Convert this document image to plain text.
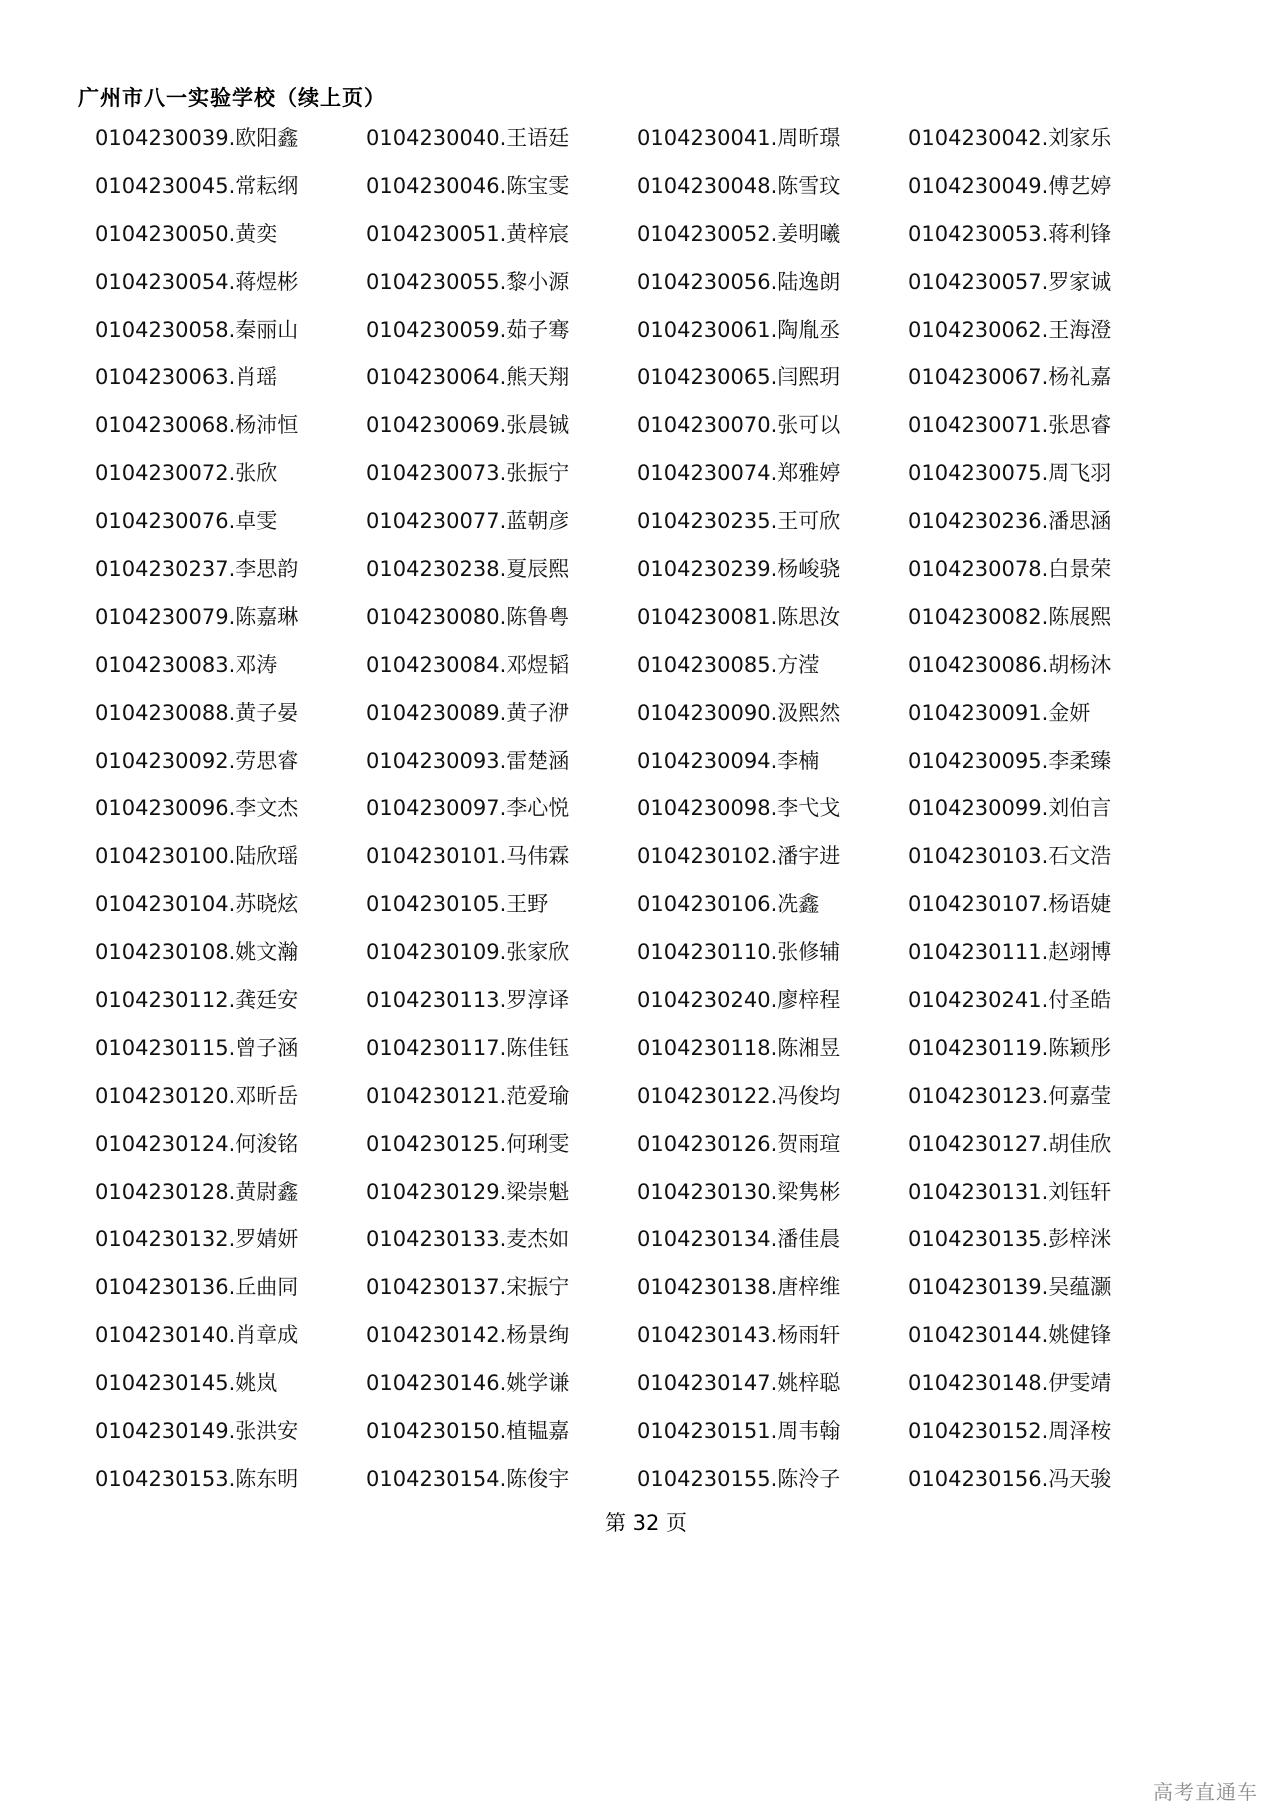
广州市八一实验学校（续上页）
0104230039.欧阳鑫	0104230040.王语廷	0104230041.周昕璟	0104230042.刘家乐
0104230045.常耘纲	0104230046.陈宝雯	0104230048.陈雪玟	0104230049.傅艺婷
0104230050.黄奕	0104230051.黄梓宸	0104230052.姜明曦	0104230053.蒋利锋
0104230054.蒋煜彬	0104230055.黎小源	0104230056.陆逸朗	0104230057.罗家诚
0104230058.秦丽山	0104230059.茹子骞	0104230061.陶胤丞	0104230062.王海澄
0104230063.肖瑶	0104230064.熊天翔	0104230065.闫熙玥	0104230067.杨礼嘉
0104230068.杨沛恒	0104230069.张晨铖	0104230070.张可以	0104230071.张思睿
0104230072.张欣	0104230073.张振宁	0104230074.郑雅婷	0104230075.周飞羽
0104230076.卓雯	0104230077.蓝朝彦	0104230235.王可欣	0104230236.潘思涵
0104230237.李思韵	0104230238.夏辰熙	0104230239.杨峻骁	0104230078.白景荣
0104230079.陈嘉琳	0104230080.陈鲁粤	0104230081.陈思汝	0104230082.陈展熙
0104230083.邓涛	0104230084.邓煜韬	0104230085.方滢	0104230086.胡杨沐
0104230088.黄子晏	0104230089.黄子洢	0104230090.汲熙然	0104230091.金妍
0104230092.劳思睿	0104230093.雷楚涵	0104230094.李楠	0104230095.李柔臻
0104230096.李文杰	0104230097.李心悦	0104230098.李弋戈	0104230099.刘伯言
0104230100.陆欣瑶	0104230101.马伟霖	0104230102.潘宇进	0104230103.石文浩
0104230104.苏晓炫	0104230105.王野	0104230106.冼鑫	0104230107.杨语婕
0104230108.姚文瀚	0104230109.张家欣	0104230110.张修辅	0104230111.赵翊博
0104230112.龚廷安	0104230113.罗淳译	0104230240.廖梓程	0104230241.付圣皓
0104230115.曾子涵	0104230117.陈佳钰	0104230118.陈湘昱	0104230119.陈颖彤
0104230120.邓昕岳	0104230121.范爱瑜	0104230122.冯俊均	0104230123.何嘉莹
0104230124.何浚铭	0104230125.何琍雯	0104230126.贺雨瑄	0104230127.胡佳欣
0104230128.黄尉鑫	0104230129.梁崇魁	0104230130.梁隽彬	0104230131.刘钰轩
0104230132.罗婧妍	0104230133.麦杰如	0104230134.潘佳晨	0104230135.彭梓洣
0104230136.丘曲同	0104230137.宋振宁	0104230138.唐梓维	0104230139.吴蕴灏
0104230140.肖章成	0104230142.杨景绚	0104230143.杨雨轩	0104230144.姚健锋
0104230145.姚岚	0104230146.姚学谦	0104230147.姚梓聪	0104230148.伊雯靖
0104230149.张洪安	0104230150.植韫嘉	0104230151.周韦翰	0104230152.周泽桉
0104230153.陈东明	0104230154.陈俊宇	0104230155.陈泠子	0104230156.冯天骏
第 32 页
高考直通车
